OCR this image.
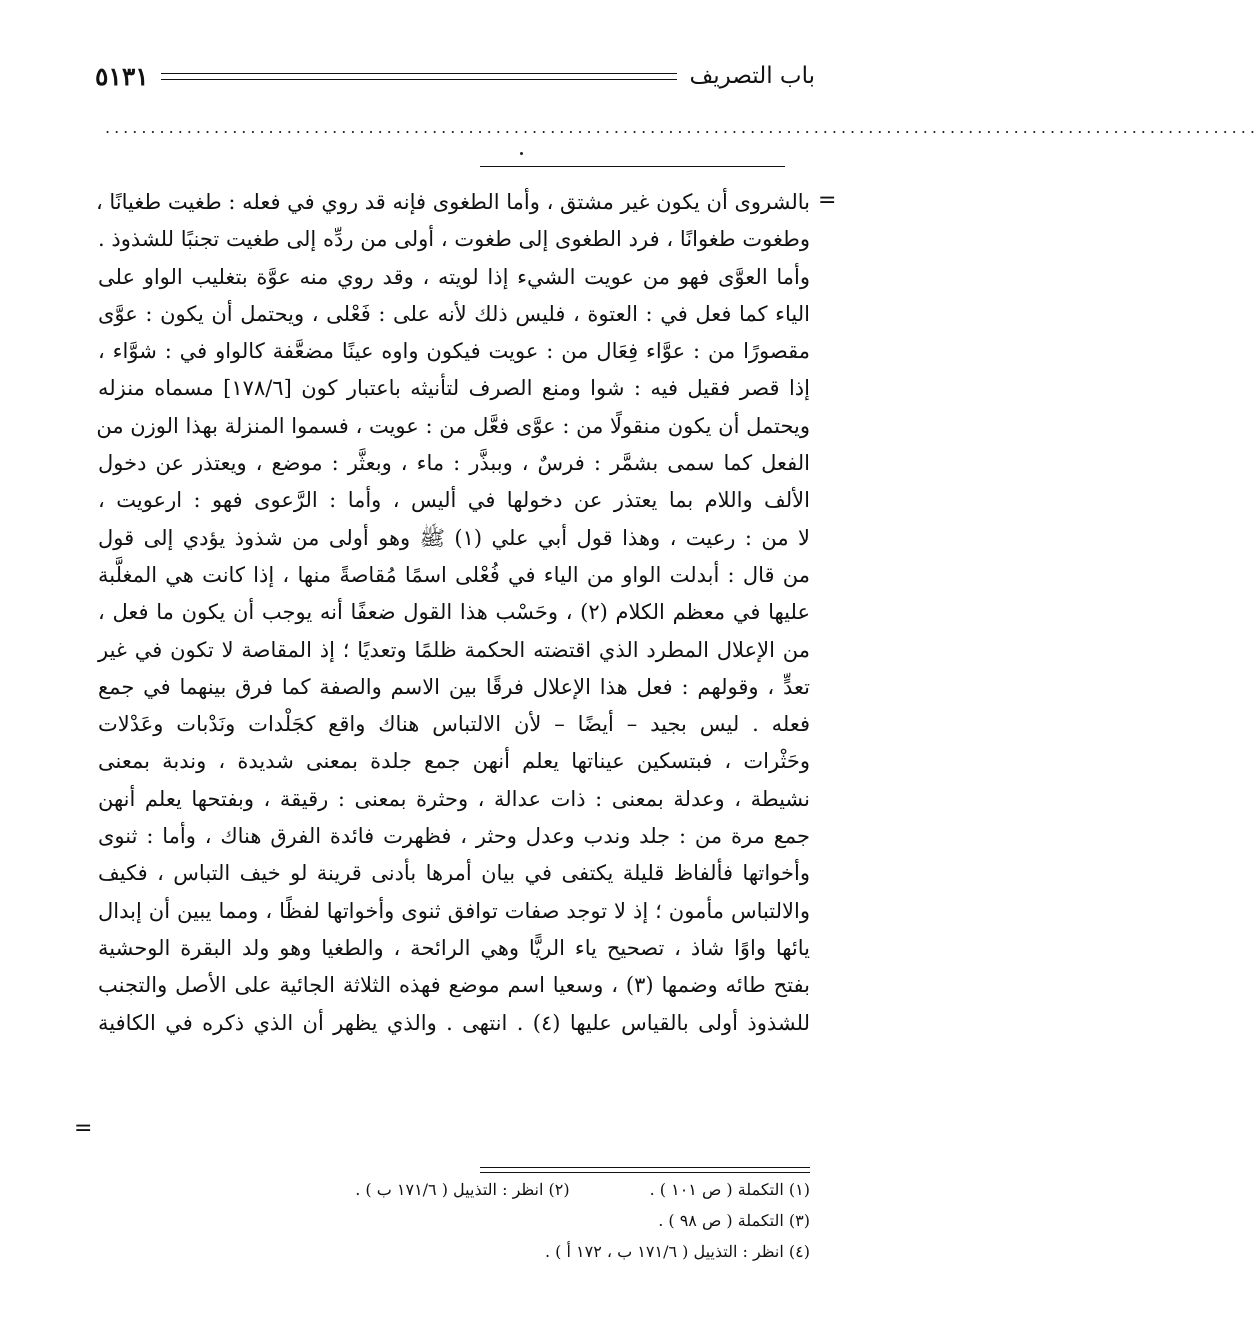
باب التصريف
٥١٣١
...............................................................................................................................
=
بالشروى أن يكون غير مشتق ، وأما الطغوى فإنه قد روي في فعله : طغيت طغيانًا ،
وطغوت طغوانًا ، فرد الطغوى إلى طغوت ، أولى من ردِّه إلى طغيت تجنبًا للشذوذ .
وأما العوَّى فهو من عويت الشيء إذا لويته ، وقد روي منه عوَّة بتغليب الواو على
الياء كما فعل في : العتوة ، فليس ذلك لأنه على : فَعْلى ، ويحتمل أن يكون : عوَّى
مقصورًا من : عوَّاء فِعَال من : عويت فيكون واوه عينًا مضعَّفة كالواو في : شوَّاء ،
إذا قصر فقيل فيه : شوا ومنع الصرف لتأنيثه باعتبار كون [١٧٨/٦] مسماه منزله
ويحتمل أن يكون منقولًا من : عوَّى فعَّل من : عويت ، فسموا المنزلة بهذا الوزن من
الفعل كما سمى بشمَّر : فرسٌ ، وببذَّر : ماء ، وبعثَّر : موضع ، ويعتذر عن دخول
الألف واللام بما يعتذر عن دخولها في أليس ، وأما : الرَّعوى فهو : ارعويت ،
لا من : رعيت ، وهذا قول أبي علي (١) ﷺ وهو أولى من شذوذ يؤدي إلى قول
من قال : أبدلت الواو من الياء في فُعْلى اسمًا مُقاصةً منها ، إذا كانت هي المغلَّبة
عليها في معظم الكلام (٢) ، وحَسْب هذا القول ضعفًا أنه يوجب أن يكون ما فعل ،
من الإعلال المطرد الذي اقتضته الحكمة ظلمًا وتعديًا ؛ إذ المقاصة لا تكون في غير
تعدٍّ ، وقولهم : فعل هذا الإعلال فرقًا بين الاسم والصفة كما فرق بينهما في جمع
فعله . ليس بجيد – أيضًا – لأن الالتباس هناك واقع كجَلْدات ونَدْبات وعَدْلات
وحَثْرات ، فبتسكين عيناتها يعلم أنهن جمع جلدة بمعنى شديدة ، وندبة بمعنى
نشيطة ، وعدلة بمعنى : ذات عدالة ، وحثرة بمعنى : رقيقة ، وبفتحها يعلم أنهن
جمع مرة من : جلد وندب وعدل وحثر ، فظهرت فائدة الفرق هناك ، وأما : ثنوى
وأخواتها فألفاظ قليلة يكتفى في بيان أمرها بأدنى قرينة لو خيف التباس ، فكيف
والالتباس مأمون ؛ إذ لا توجد صفات توافق ثنوى وأخواتها لفظًا ، ومما يبين أن إبدال
يائها واوًا شاذ ، تصحيح ياء الريًّا وهي الرائحة ، والطغيا وهو ولد البقرة الوحشية
بفتح طائه وضمها (٣) ، وسعيا اسم موضع فهذه الثلاثة الجائية على الأصل والتجنب
للشذوذ أولى بالقياس عليها (٤) . انتهى . والذي يظهر أن الذي ذكره في الكافية
=
(١) التكملة ( ص ١٠١ ) .
(٢) انظر : التذييل ( ١٧١/٦ ب ) .
(٣) التكملة ( ص ٩٨ ) .
(٤) انظر : التذييل ( ١٧١/٦ ب ، ١٧٢ أ ) .
